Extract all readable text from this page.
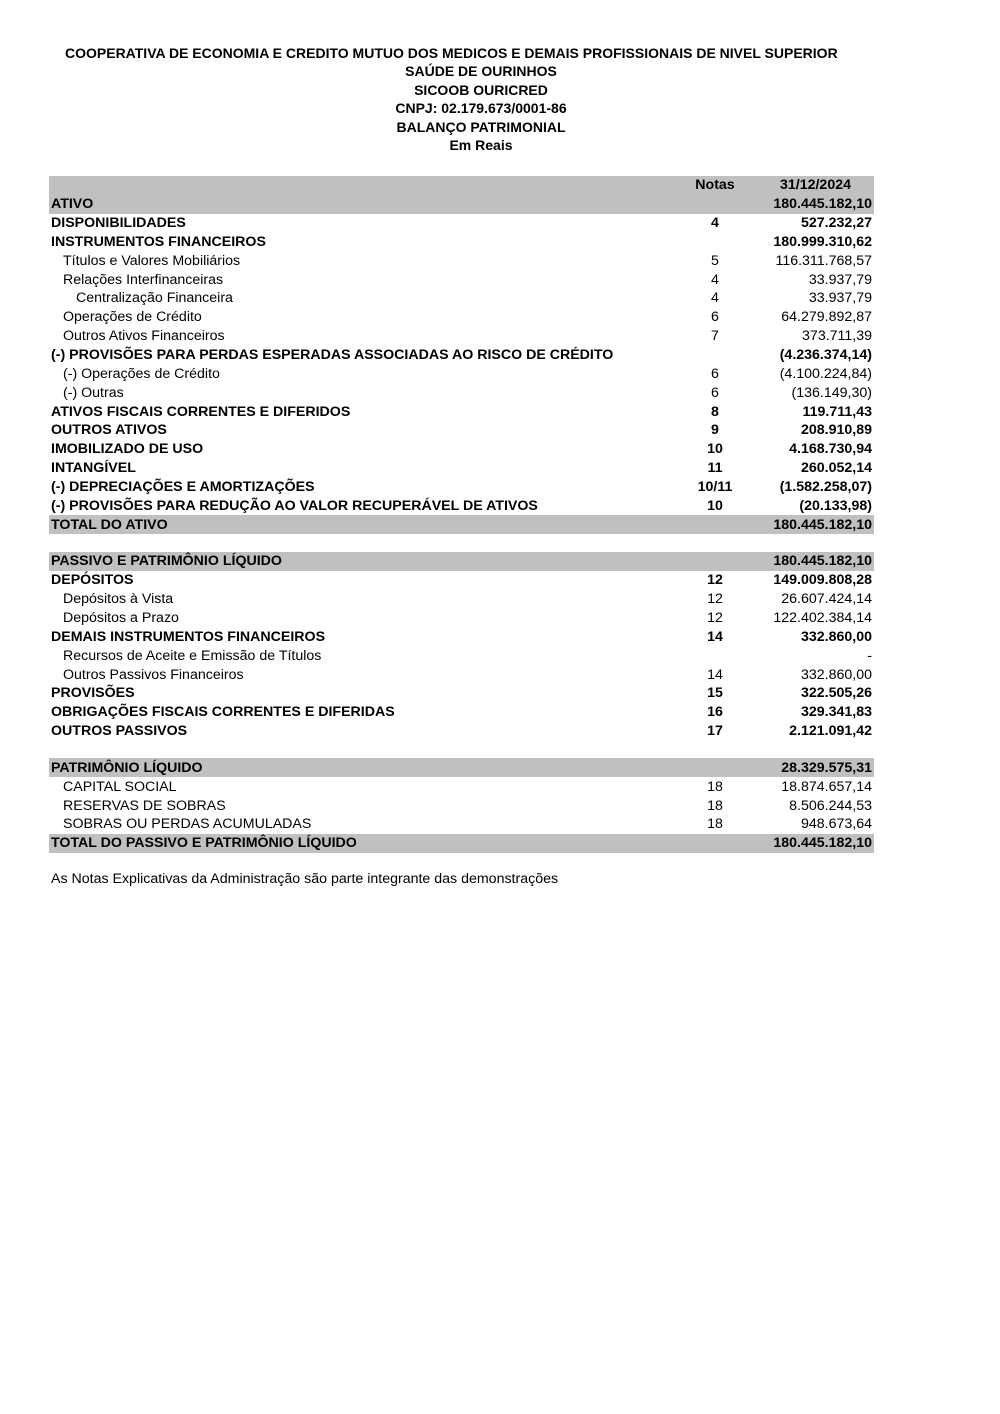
COOPERATIVA DE ECONOMIA E CREDITO MUTUO DOS MEDICOS E DEMAIS PROFISSIONAIS DE NIVEL SUPERIOR
SAÚDE DE OURINHOS
SICOOB OURICRED
CNPJ: 02.179.673/0001-86
BALANÇO PATRIMONIAL
Em Reais
	Notas	31/12/2024
ATIVO		180.445.182,10
DISPONIBILIDADES	4	527.232,27
INSTRUMENTOS FINANCEIROS		180.999.310,62
Títulos e Valores Mobiliários	5	116.311.768,57
Relações Interfinanceiras	4	33.937,79
Centralização Financeira	4	33.937,79
Operações de Crédito	6	64.279.892,87
Outros Ativos Financeiros	7	373.711,39
(-) PROVISÕES PARA PERDAS ESPERADAS ASSOCIADAS AO RISCO DE CRÉDITO		(4.236.374,14)
(-) Operações de Crédito	6	(4.100.224,84)
(-) Outras	6	(136.149,30)
ATIVOS FISCAIS CORRENTES E DIFERIDOS	8	119.711,43
OUTROS ATIVOS	9	208.910,89
IMOBILIZADO DE USO	10	4.168.730,94
INTANGÍVEL	11	260.052,14
(-) DEPRECIAÇÕES E AMORTIZAÇÕES	10/11	(1.582.258,07)
(-) PROVISÕES PARA REDUÇÃO AO VALOR RECUPERÁVEL DE ATIVOS	10	(20.133,98)
TOTAL DO ATIVO		180.445.182,10

PASSIVO E PATRIMÔNIO LÍQUIDO		180.445.182,10
DEPÓSITOS	12	149.009.808,28
Depósitos à Vista	12	26.607.424,14
Depósitos a Prazo	12	122.402.384,14
DEMAIS INSTRUMENTOS FINANCEIROS	14	332.860,00
Recursos de Aceite e Emissão de Títulos		-
Outros Passivos Financeiros	14	332.860,00
PROVISÕES	15	322.505,26
OBRIGAÇÕES FISCAIS CORRENTES E DIFERIDAS	16	329.341,83
OUTROS PASSIVOS	17	2.121.091,42

PATRIMÔNIO LÍQUIDO		28.329.575,31
CAPITAL SOCIAL	18	18.874.657,14
RESERVAS DE SOBRAS	18	8.506.244,53
SOBRAS OU PERDAS ACUMULADAS	18	948.673,64
TOTAL DO PASSIVO E PATRIMÔNIO LÍQUIDO		180.445.182,10
As Notas Explicativas da Administração são parte integrante das demonstrações
